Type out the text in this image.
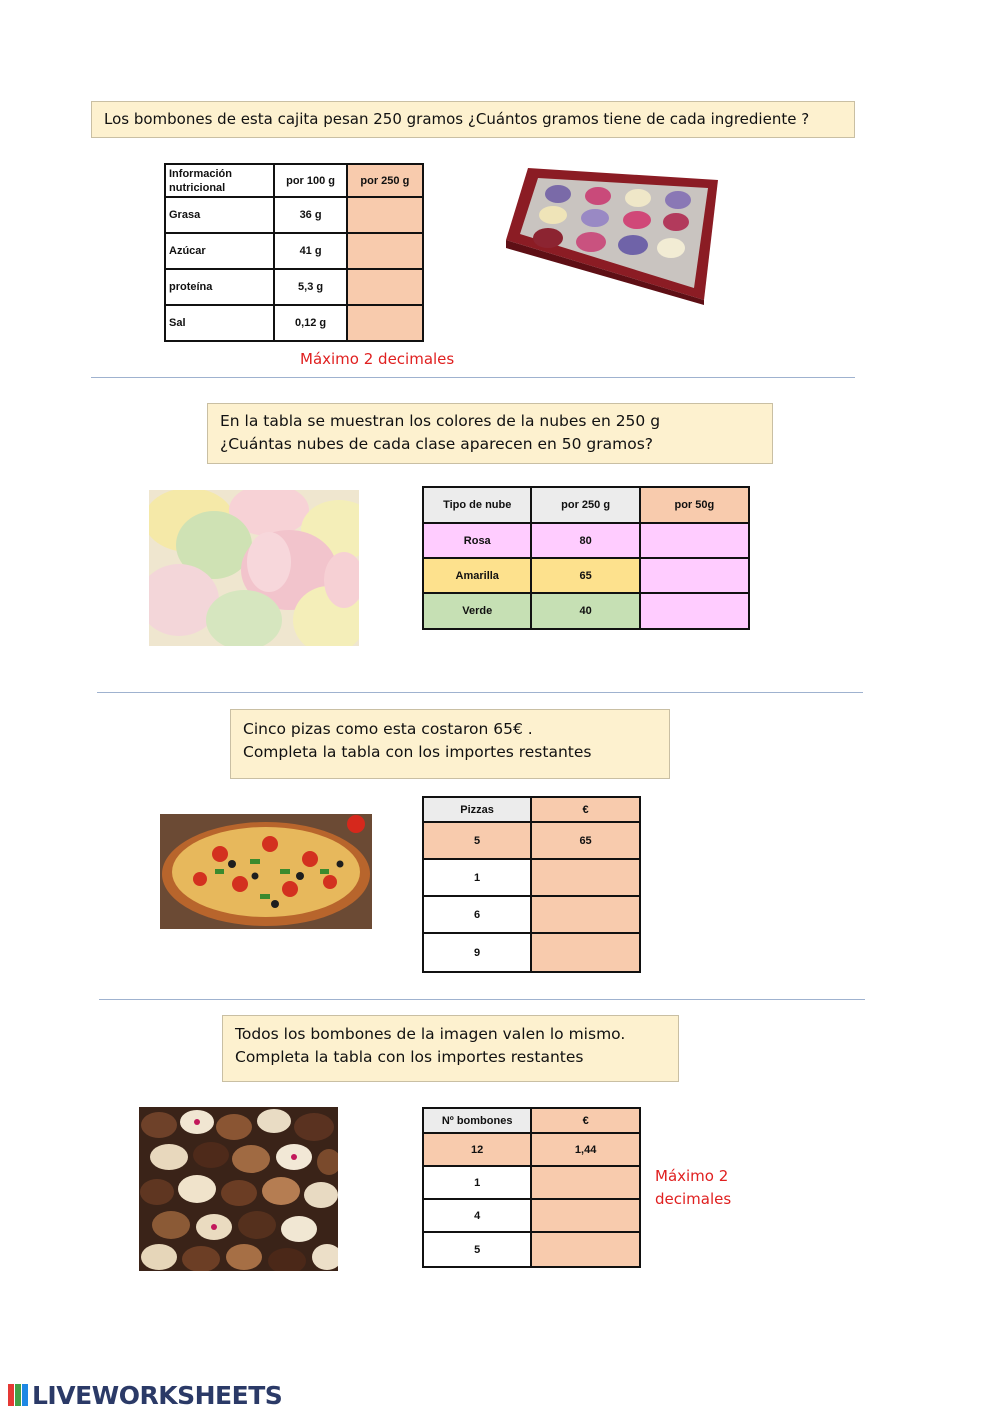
Los bombones de esta cajita pesan 250 gramos ¿Cuántos gramos tiene de cada ingrediente ?
Información nutricional	por 100 g	por 250 g
Grasa	36 g	
Azúcar	41 g	
proteína	5,3 g	
Sal	0,12 g	
Máximo 2 decimales
En la tabla se muestran los colores de la nubes en 250 g
¿Cuántas nubes de cada clase aparecen en 50 gramos?
Tipo de nube	por 250 g	por 50g
Rosa	80	
Amarilla	65	
Verde	40	
Cinco pizas como esta costaron 65€ .
Completa la tabla con los importes restantes
Pizzas	€
5	65
1	
6	
9	
Todos los bombones de la imagen valen lo mismo.
Completa la tabla con los importes restantes
Nº bombones	€
12	1,44
1	
4	
5	
Máximo 2
decimales
LIVEWORKSHEETS
